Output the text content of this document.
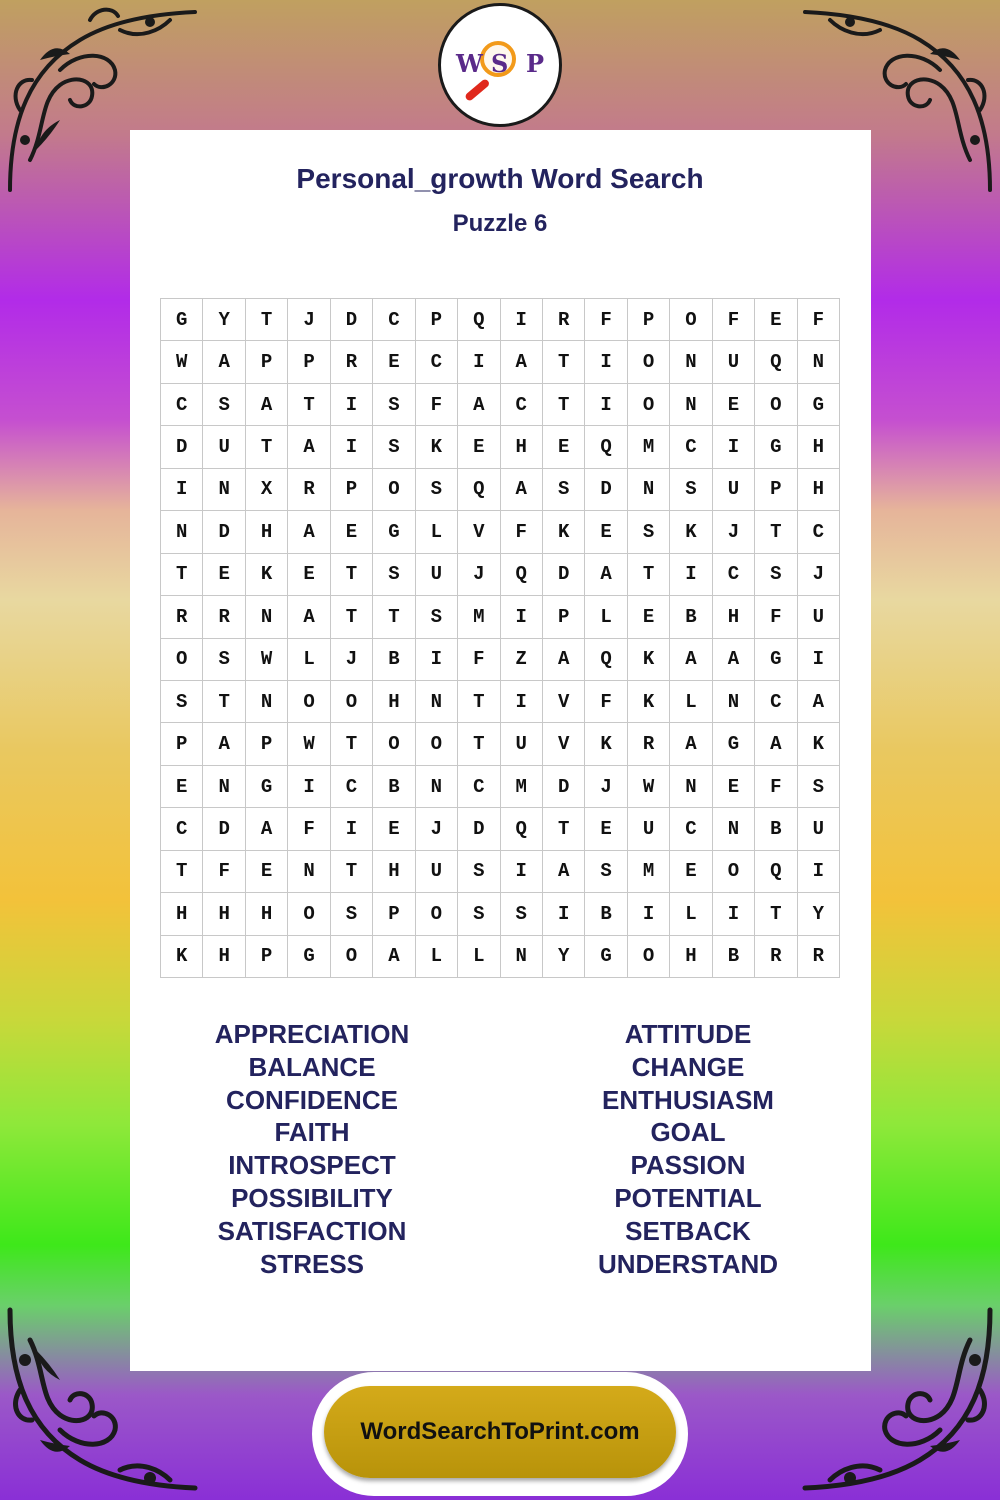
W S P
Personal_growth Word Search
Puzzle 6
G	Y	T	J	D	C	P	Q	I	R	F	P	O	F	E	F
W	A	P	P	R	E	C	I	A	T	I	O	N	U	Q	N
C	S	A	T	I	S	F	A	C	T	I	O	N	E	O	G
D	U	T	A	I	S	K	E	H	E	Q	M	C	I	G	H
I	N	X	R	P	O	S	Q	A	S	D	N	S	U	P	H
N	D	H	A	E	G	L	V	F	K	E	S	K	J	T	C
T	E	K	E	T	S	U	J	Q	D	A	T	I	C	S	J
R	R	N	A	T	T	S	M	I	P	L	E	B	H	F	U
O	S	W	L	J	B	I	F	Z	A	Q	K	A	A	G	I
S	T	N	O	O	H	N	T	I	V	F	K	L	N	C	A
P	A	P	W	T	O	O	T	U	V	K	R	A	G	A	K
E	N	G	I	C	B	N	C	M	D	J	W	N	E	F	S
C	D	A	F	I	E	J	D	Q	T	E	U	C	N	B	U
T	F	E	N	T	H	U	S	I	A	S	M	E	O	Q	I
H	H	H	O	S	P	O	S	S	I	B	I	L	I	T	Y
K	H	P	G	O	A	L	L	N	Y	G	O	H	B	R	R
APPRECIATION
BALANCE
CONFIDENCE
FAITH
INTROSPECT
POSSIBILITY
SATISFACTION
STRESS
ATTITUDE
CHANGE
ENTHUSIASM
GOAL
PASSION
POTENTIAL
SETBACK
UNDERSTAND
WordSearchToPrint.com
